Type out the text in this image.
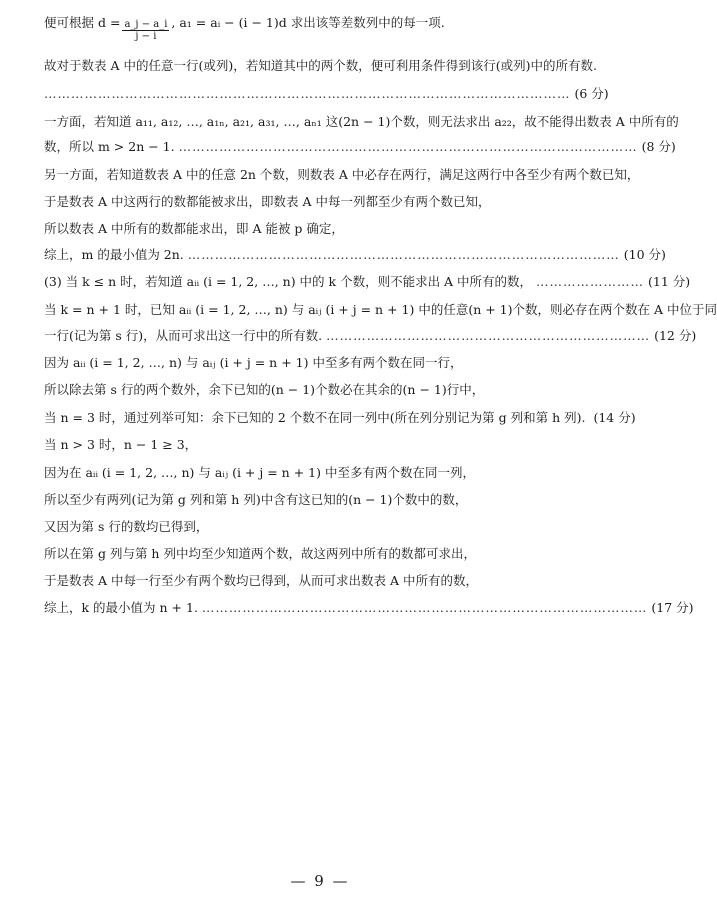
便可根据 $d = \frac{a\_j - a\_i}{j - i}$ , a₁ = aᵢ − (i − 1)d 求出该等差数列中的每一项.
故对于数表 A 中的任意一行(或列)，若知道其中的两个数，便可利用条件得到该行(或列)中的所有数.
……………………………………………………………………………………………………… (6 分)
一方面，若知道 a₁₁, a₁₂, …, a₁ₙ, a₂₁, a₃₁, …, aₙ₁ 这(2n − 1)个数，则无法求出 a₂₂，故不能得出数表 A 中所有的
数，所以 m > 2n − 1. ………………………………………………………………………………………… (8 分)
另一方面，若知道数表 A 中的任意 2n 个数，则数表 A 中必存在两行，满足这两行中各至少有两个数已知，
于是数表 A 中这两行的数都能被求出，即数表 A 中每一列都至少有两个数已知，
所以数表 A 中所有的数都能求出，即 A 能被 p 确定，
综上，m 的最小值为 2n. …………………………………………………………………………………… (10 分)
(3) 当 k ≤ n 时，若知道 aᵢᵢ (i = 1, 2, …, n) 中的 k 个数，则不能求出 A 中所有的数， …………………… (11 分)
当 k = n + 1 时，已知 aᵢᵢ (i = 1, 2, …, n) 与 aᵢⱼ (i + j = n + 1) 中的任意(n + 1)个数，则必存在两个数在 A 中位于同
一行(记为第 s 行)，从而可求出这一行中的所有数. ……………………………………………………………… (12 分)
因为 aᵢᵢ (i = 1, 2, …, n) 与 aᵢⱼ (i + j = n + 1) 中至多有两个数在同一行，
所以除去第 s 行的两个数外，余下已知的(n − 1)个数必在其余的(n − 1)行中，
当 n = 3 时，通过列举可知：余下已知的 2 个数不在同一列中(所在列分别记为第 g 列和第 h 列). (14 分)
当 n > 3 时，n − 1 ≥ 3，
因为在 aᵢᵢ (i = 1, 2, …, n) 与 aᵢⱼ (i + j = n + 1) 中至多有两个数在同一列，
所以至少有两列(记为第 g 列和第 h 列)中含有这已知的(n − 1)个数中的数，
又因为第 s 行的数均已得到，
所以在第 g 列与第 h 列中均至少知道两个数，故这两列中所有的数都可求出，
于是数表 A 中每一行至少有两个数均已得到，从而可求出数表 A 中所有的数，
综上，k 的最小值为 n + 1. ……………………………………………………………………………………… (17 分)
— 9 —
